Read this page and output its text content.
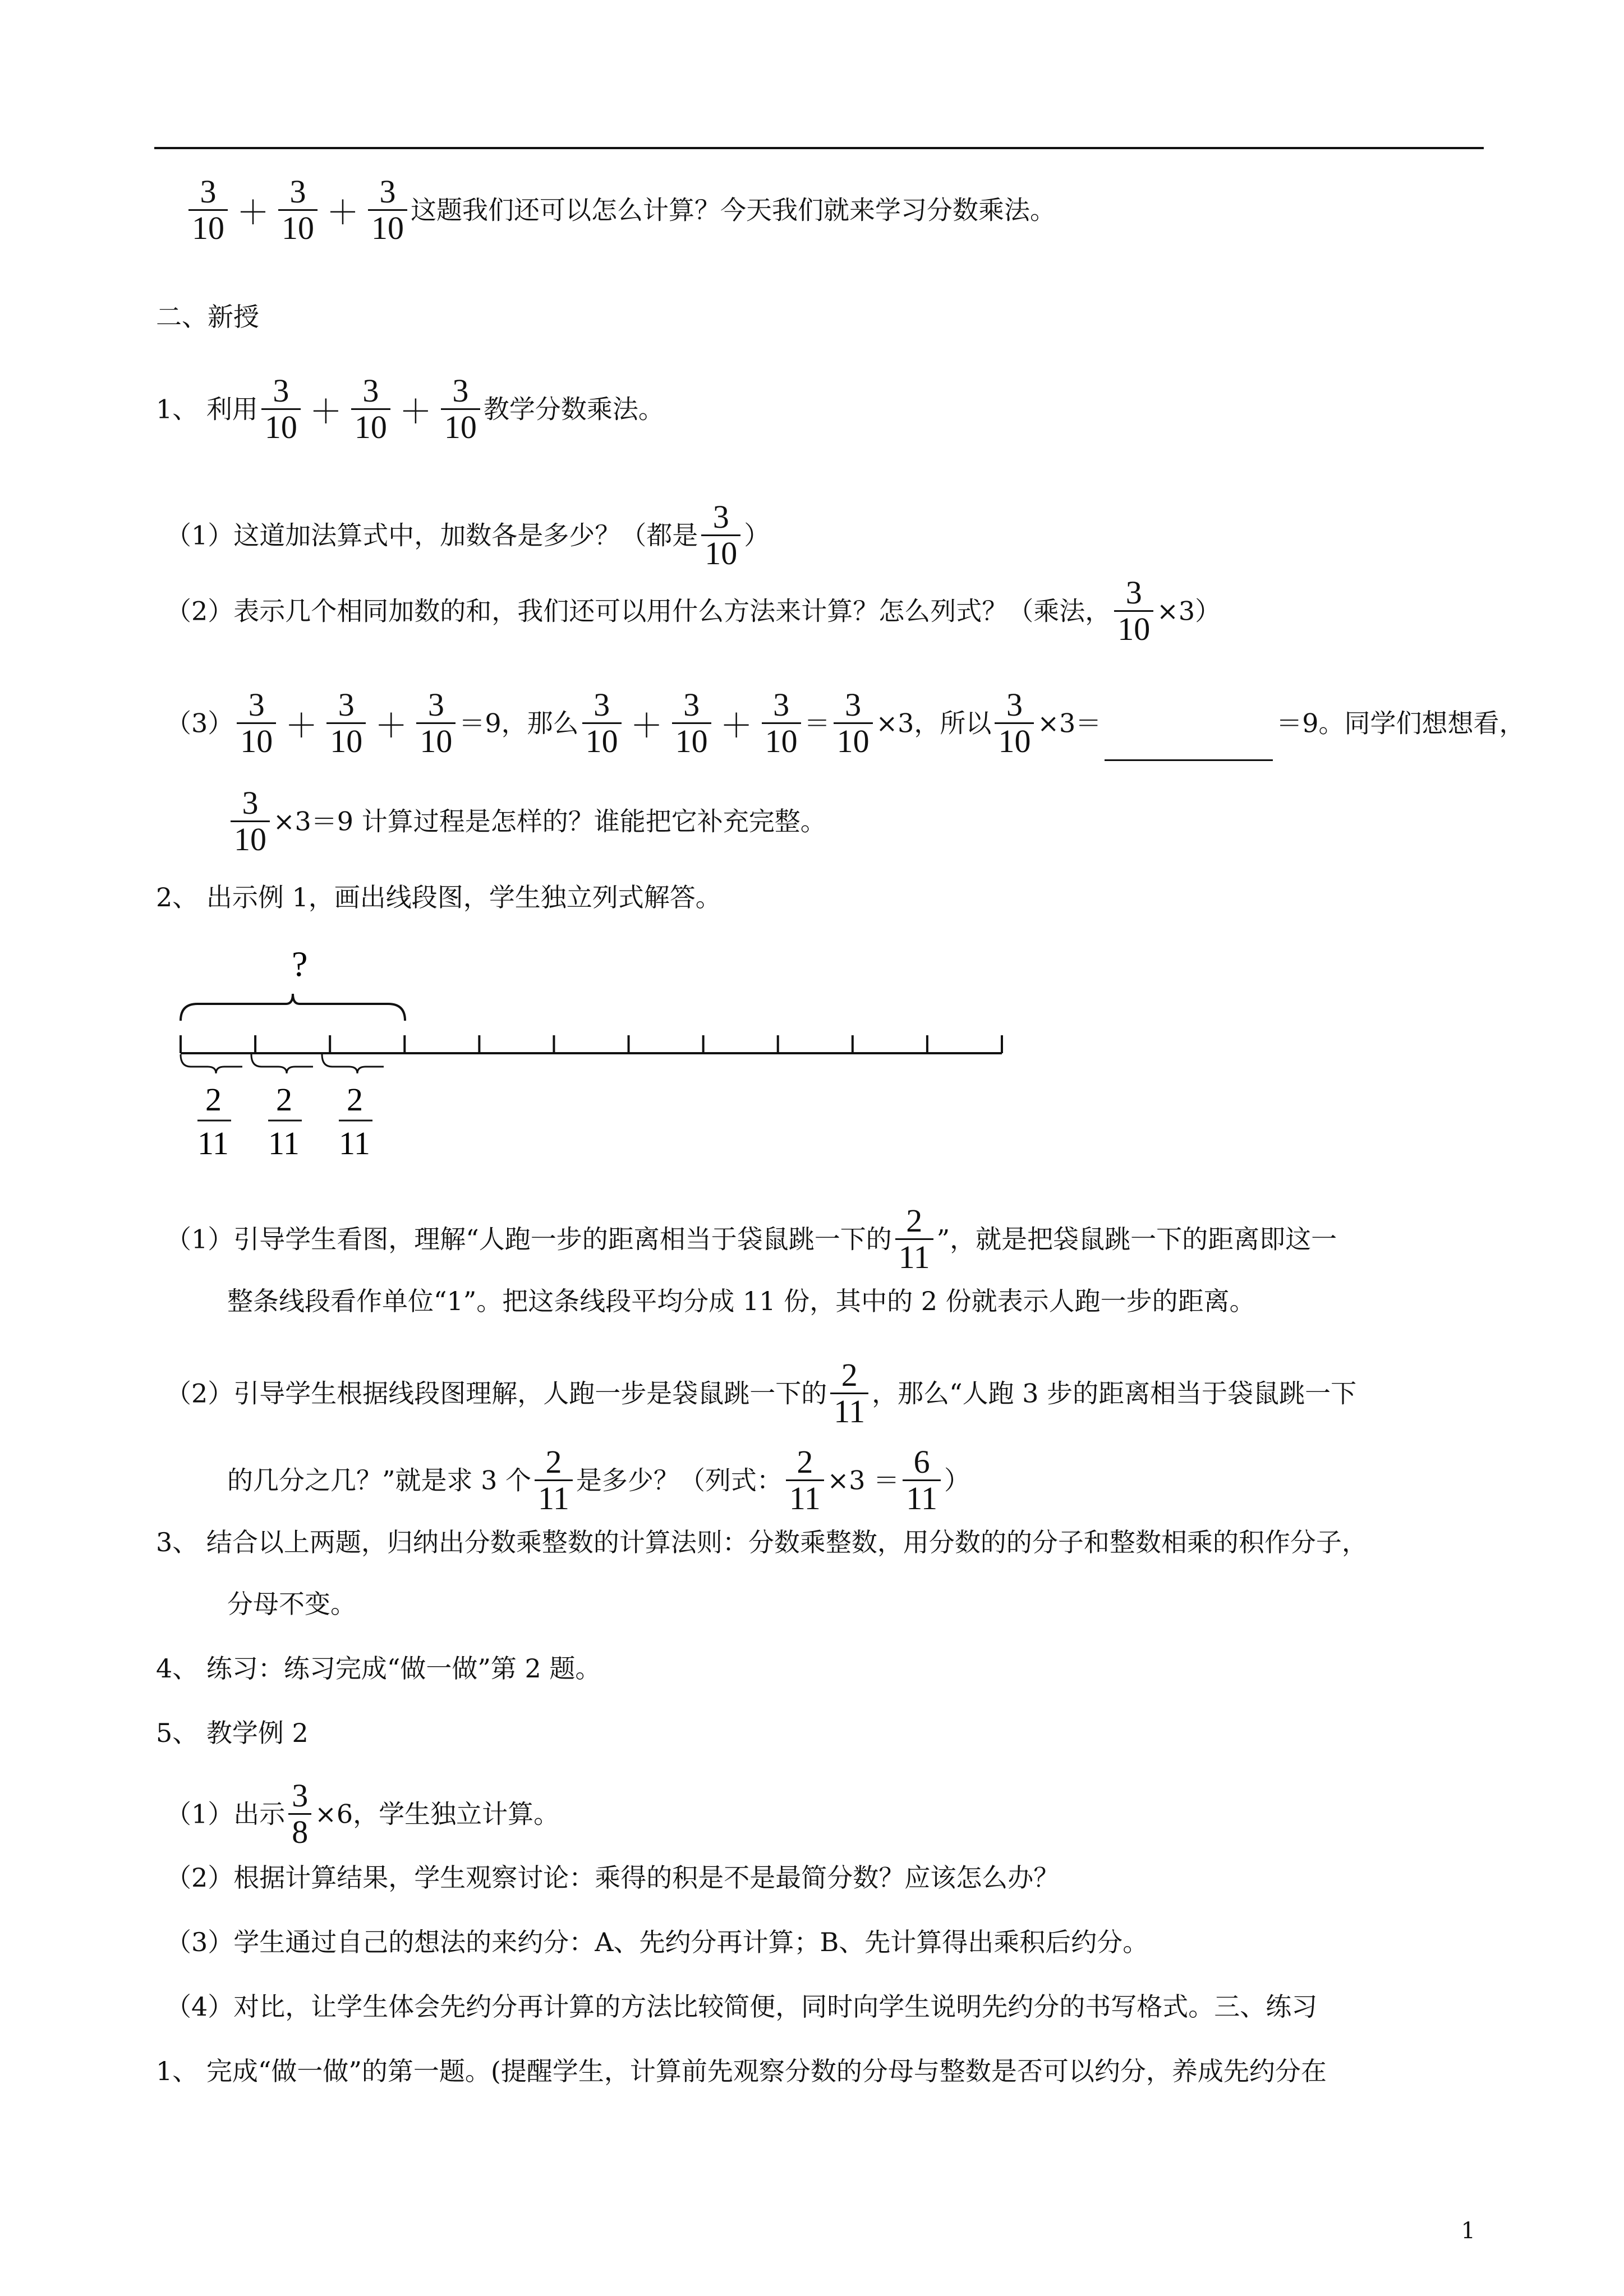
$\frac{3}{10} + \frac{3}{10} + \frac{3}{10}$ 这题我们还可以怎么计算？今天我们就来学习分数乘法。
二、新授
1、 利用 $\frac{3}{10} + \frac{3}{10} + \frac{3}{10}$ 教学分数乘法。
（1）这道加法算式中，加数各是多少？（都是 $\frac{3}{10}$ ）
（2）表示几个相同加数的和，我们还可以用什么方法来计算？怎么列式？（乘法， $\frac{3}{10} \times 3$）
$(3) \frac{3}{10} + \frac{3}{10} + \frac{3}{10} =9$，那么 $\frac{3}{10} + \frac{3}{10} + \frac{3}{10} = \frac{3}{10} \times 3$，所以 $\frac{3}{10} \times 3=$	＝9。同学们想想看，
$\frac{3}{10} \times 3=9$ 计算过程是怎样的？谁能把它补充完整。
2、 出示例 1，画出线段图，学生独立列式解答。
?
2
11
2
11
2
11
（1）引导学生看图，理解“人跑一步的距离相当于袋鼠跳一下的 $\frac{2}{11}$ ”，就是把袋鼠跳一下的距离即这一
整条线段看作单位“1”。把这条线段平均分成 11 份，其中的 2 份就表示人跑一步的距离。
（2）引导学生根据线段图理解，人跑一步是袋鼠跳一下的 $\frac{2}{11}$ ，那么“人跑 3 步的距离相当于袋鼠跳一下
的几分之几？”就是求 3 个 $\frac{2}{11}$ 是多少？（列式： $\frac{2}{11} \times 3 = \frac{6}{11}$ ）
3、 结合以上两题，归纳出分数乘整数的计算法则：分数乘整数，用分数的的分子和整数相乘的积作分子，
分母不变。
4、 练习：练习完成“做一做”第 2 题。
5、 教学例 2
（1）出示 $\frac{3}{8} \times 6$，学生独立计算。
（2）根据计算结果，学生观察讨论：乘得的积是不是最简分数？应该怎么办？
（3）学生通过自己的想法的来约分：A、先约分再计算；B、先计算得出乘积后约分。
（4）对比，让学生体会先约分再计算的方法比较简便，同时向学生说明先约分的书写格式。三、练习
1、 完成“做一做”的第一题。(提醒学生，计算前先观察分数的分母与整数是否可以约分，养成先约分在
1
